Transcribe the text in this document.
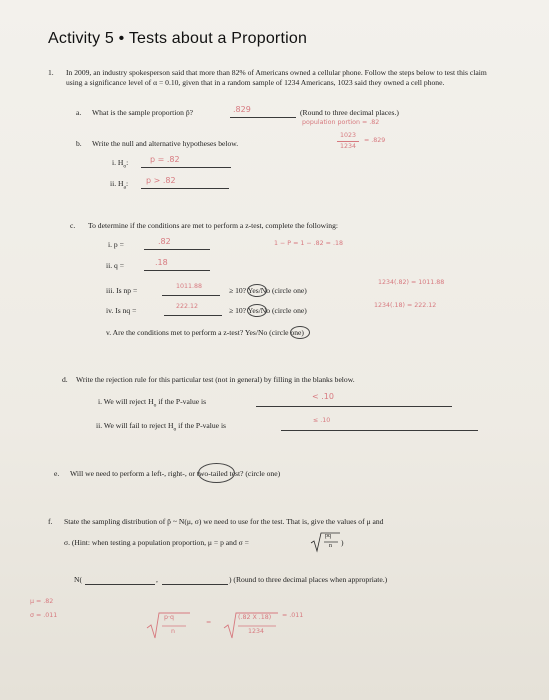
Activity 5 • Tests about a Proportion
1. In 2009, an industry spokesperson said that more than 82% of Americans owned a cellular phone. Follow the steps below to test this claim using a significance level of α = 0.10, given that in a random sample of 1234 Americans, 1023 said they owned a cell phone.
a. What is the sample proportion p̂?	.829	(Round to three decimal places.)
population portion = .82
b. Write the null and alternative hypotheses below.
1023
1234
= .829
i. $H_o$:	p = .82
ii. $H_a$: p > .82
c. To determine if the conditions are met to perform a z-test, complete the following:
i. p =	.82	1 − P = 1 − .82 = .18
ii. q =	.18
iii. Is np =	1011.88	≥ 10? Yes/No (circle one)
1234(.82) = 1011.88
iv. Is nq =	222.12	≥ 10? Yes/No (circle one)
1234(.18) = 222.12
v. Are the conditions met to perform a z-test? Yes/No (circle one)
d. Write the rejection rule for this particular test (not in general) by filling in the blanks below.
i. We will reject $H_o$ if the P-value is
< .10
ii. We will fail to reject $H_o$ if the P-value is
≤ .10
e. Will we need to perform a left-, right-, or two-tailed test? (circle one)
f. State the sampling distribution of p̂ ~ N(μ, σ) we need to use for the test. That is, give the values of μ and
σ. (Hint: when testing a population proportion, μ = p and σ =
pq
n )
N(	,	) (Round to three decimal places when appropriate.)
μ = .82
σ = .011	p·q
n
=
(.82 X .18)
1234
= .011
